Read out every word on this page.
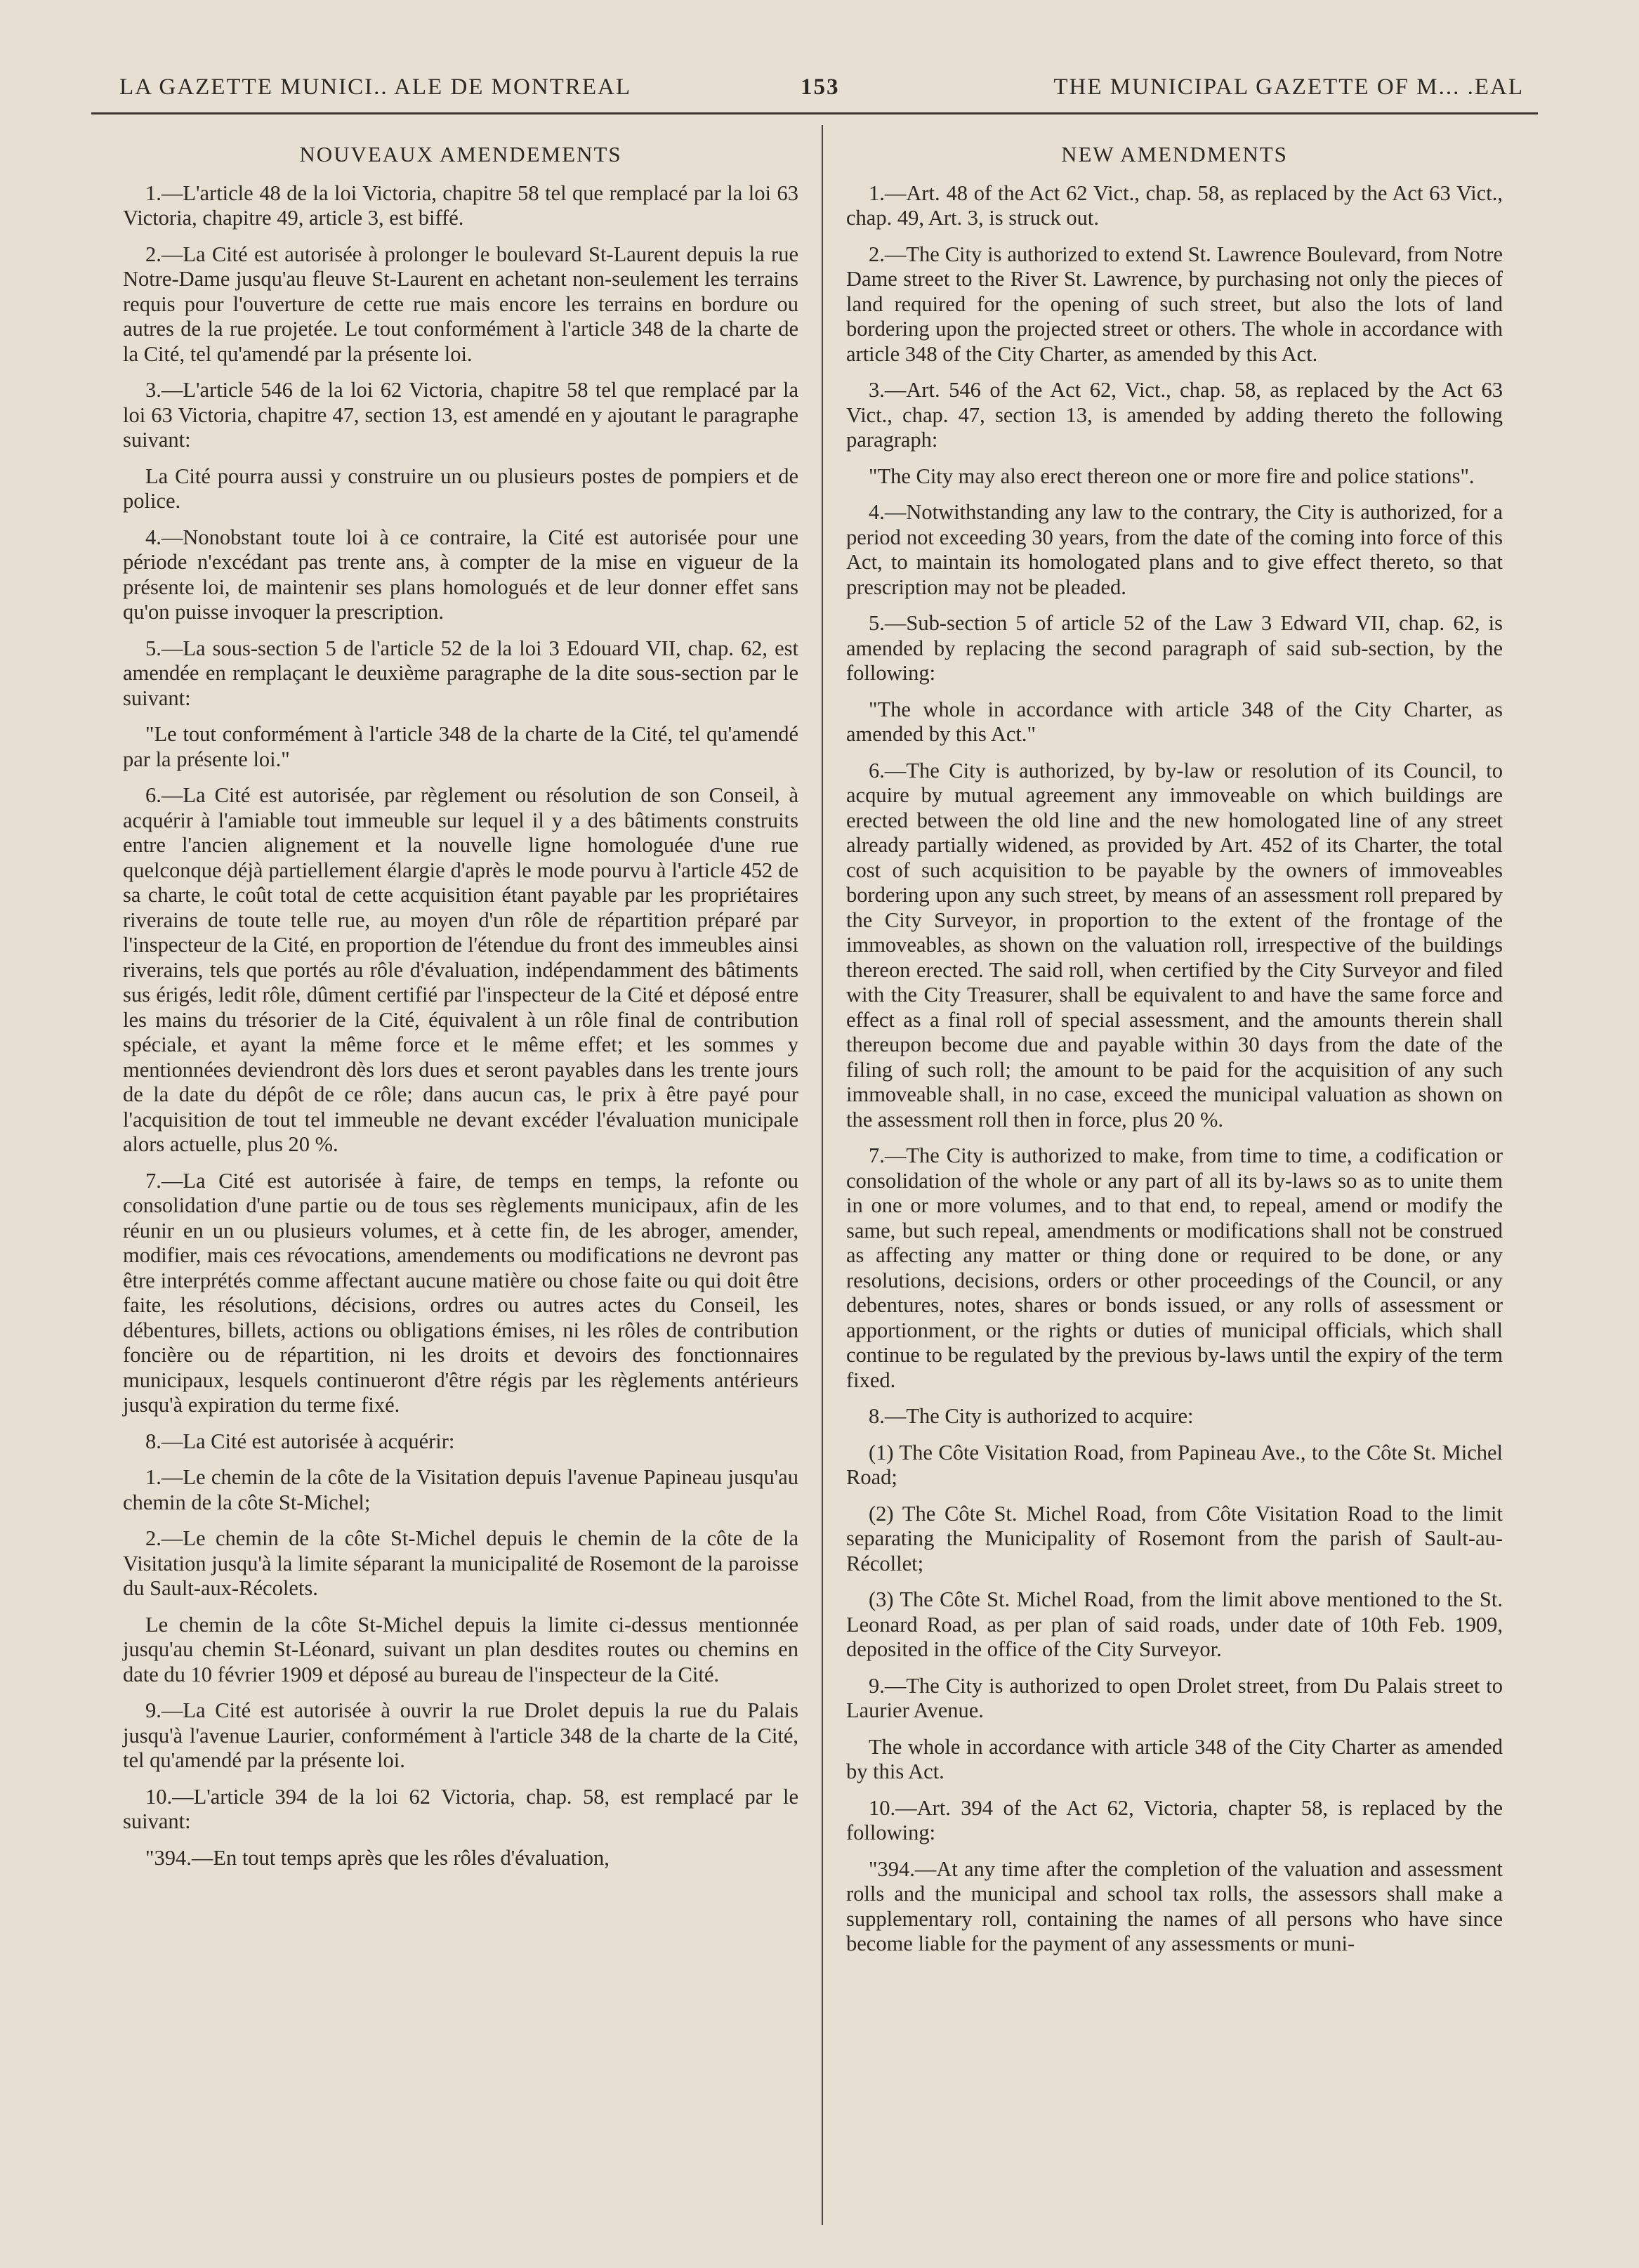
LA GAZETTE MUNICI.. ALE DE MONTREAL	153	THE MUNICIPAL GAZETTE OF M... .EAL
NOUVEAUX AMENDEMENTS

1.—L'article 48 de la loi Victoria, chapitre 58 tel que remplacé par la loi 63 Victoria, chapitre 49, article 3, est biffé.

2.—La Cité est autorisée à prolonger le boulevard St-Laurent depuis la rue Notre-Dame jusqu'au fleuve St-Laurent en achetant non-seulement les terrains requis pour l'ouverture de cette rue mais encore les terrains en bordure ou autres de la rue projetée. Le tout conformément à l'article 348 de la charte de la Cité, tel qu'amendé par la présente loi.

3.—L'article 546 de la loi 62 Victoria, chapitre 58 tel que remplacé par la loi 63 Victoria, chapitre 47, section 13, est amendé en y ajoutant le paragraphe suivant:

La Cité pourra aussi y construire un ou plusieurs postes de pompiers et de police.

4.—Nonobstant toute loi à ce contraire, la Cité est autorisée pour une période n'excédant pas trente ans, à compter de la mise en vigueur de la présente loi, de maintenir ses plans homologués et de leur donner effet sans qu'on puisse invoquer la prescription.

5.—La sous-section 5 de l'article 52 de la loi 3 Edouard VII, chap. 62, est amendée en remplaçant le deuxième paragraphe de la dite sous-section par le suivant:

"Le tout conformément à l'article 348 de la charte de la Cité, tel qu'amendé par la présente loi."

6.—La Cité est autorisée, par règlement ou résolution de son Conseil, à acquérir à l'amiable tout immeuble sur lequel il y a des bâtiments construits entre l'ancien alignement et la nouvelle ligne homologuée d'une rue quelconque déjà partiellement élargie d'après le mode pourvu à l'article 452 de sa charte, le coût total de cette acquisition étant payable par les propriétaires riverains de toute telle rue, au moyen d'un rôle de répartition préparé par l'inspecteur de la Cité, en proportion de l'étendue du front des immeubles ainsi riverains, tels que portés au rôle d'évaluation, indépendamment des bâtiments sus érigés, ledit rôle, dûment certifié par l'inspecteur de la Cité et déposé entre les mains du trésorier de la Cité, équivalent à un rôle final de contribution spéciale, et ayant la même force et le même effet; et les sommes y mentionnées deviendront dès lors dues et seront payables dans les trente jours de la date du dépôt de ce rôle; dans aucun cas, le prix à être payé pour l'acquisition de tout tel immeuble ne devant excéder l'évaluation municipale alors actuelle, plus 20 %.

7.—La Cité est autorisée à faire, de temps en temps, la refonte ou consolidation d'une partie ou de tous ses règlements municipaux, afin de les réunir en un ou plusieurs volumes, et à cette fin, de les abroger, amender, modifier, mais ces révocations, amendements ou modifications ne devront pas être interprétés comme affectant aucune matière ou chose faite ou qui doit être faite, les résolutions, décisions, ordres ou autres actes du Conseil, les débentures, billets, actions ou obligations émises, ni les rôles de contribution foncière ou de répartition, ni les droits et devoirs des fonctionnaires municipaux, lesquels continueront d'être régis par les règlements antérieurs jusqu'à expiration du terme fixé.

8.—La Cité est autorisée à acquérir:

1.—Le chemin de la côte de la Visitation depuis l'avenue Papineau jusqu'au chemin de la côte St-Michel;

2.—Le chemin de la côte St-Michel depuis le chemin de la côte de la Visitation jusqu'à la limite séparant la municipalité de Rosemont de la paroisse du Sault-aux-Récolets.

Le chemin de la côte St-Michel depuis la limite ci-dessus mentionnée jusqu'au chemin St-Léonard, suivant un plan desdites routes ou chemins en date du 10 février 1909 et déposé au bureau de l'inspecteur de la Cité.

9.—La Cité est autorisée à ouvrir la rue Drolet depuis la rue du Palais jusqu'à l'avenue Laurier, conformément à l'article 348 de la charte de la Cité, tel qu'amendé par la présente loi.

10.—L'article 394 de la loi 62 Victoria, chap. 58, est remplacé par le suivant:

"394.—En tout temps après que les rôles d'évaluation,

NEW AMENDMENTS

1.—Art. 48 of the Act 62 Vict., chap. 58, as replaced by the Act 63 Vict., chap. 49, Art. 3, is struck out.

2.—The City is authorized to extend St. Lawrence Boulevard, from Notre Dame street to the River St. Lawrence, by purchasing not only the pieces of land required for the opening of such street, but also the lots of land bordering upon the projected street or others. The whole in accordance with article 348 of the City Charter, as amended by this Act.

3.—Art. 546 of the Act 62, Vict., chap. 58, as replaced by the Act 63 Vict., chap. 47, section 13, is amended by adding thereto the following paragraph:

"The City may also erect thereon one or more fire and police stations".

4.—Notwithstanding any law to the contrary, the City is authorized, for a period not exceeding 30 years, from the date of the coming into force of this Act, to maintain its homologated plans and to give effect thereto, so that prescription may not be pleaded.

5.—Sub-section 5 of article 52 of the Law 3 Edward VII, chap. 62, is amended by replacing the second paragraph of said sub-section, by the following:

"The whole in accordance with article 348 of the City Charter, as amended by this Act."

6.—The City is authorized, by by-law or resolution of its Council, to acquire by mutual agreement any immoveable on which buildings are erected between the old line and the new homologated line of any street already partially widened, as provided by Art. 452 of its Charter, the total cost of such acquisition to be payable by the owners of immoveables bordering upon any such street, by means of an assessment roll prepared by the City Surveyor, in proportion to the extent of the frontage of the immoveables, as shown on the valuation roll, irrespective of the buildings thereon erected. The said roll, when certified by the City Surveyor and filed with the City Treasurer, shall be equivalent to and have the same force and effect as a final roll of special assessment, and the amounts therein shall thereupon become due and payable within 30 days from the date of the filing of such roll; the amount to be paid for the acquisition of any such immoveable shall, in no case, exceed the municipal valuation as shown on the assessment roll then in force, plus 20 %.

7.—The City is authorized to make, from time to time, a codification or consolidation of the whole or any part of all its by-laws so as to unite them in one or more volumes, and to that end, to repeal, amend or modify the same, but such repeal, amendments or modifications shall not be construed as affecting any matter or thing done or required to be done, or any resolutions, decisions, orders or other proceedings of the Council, or any debentures, notes, shares or bonds issued, or any rolls of assessment or apportionment, or the rights or duties of municipal officials, which shall continue to be regulated by the previous by-laws until the expiry of the term fixed.

8.—The City is authorized to acquire:

(1) The Côte Visitation Road, from Papineau Ave., to the Côte St. Michel Road;

(2) The Côte St. Michel Road, from Côte Visitation Road to the limit separating the Municipality of Rosemont from the parish of Sault-au-Récollet;

(3) The Côte St. Michel Road, from the limit above mentioned to the St. Leonard Road, as per plan of said roads, under date of 10th Feb. 1909, deposited in the office of the City Surveyor.

9.—The City is authorized to open Drolet street, from Du Palais street to Laurier Avenue.

The whole in accordance with article 348 of the City Charter as amended by this Act.

10.—Art. 394 of the Act 62, Victoria, chapter 58, is replaced by the following:

"394.—At any time after the completion of the valuation and assessment rolls and the municipal and school tax rolls, the assessors shall make a supplementary roll, containing the names of all persons who have since become liable for the payment of any assessments or muni-
